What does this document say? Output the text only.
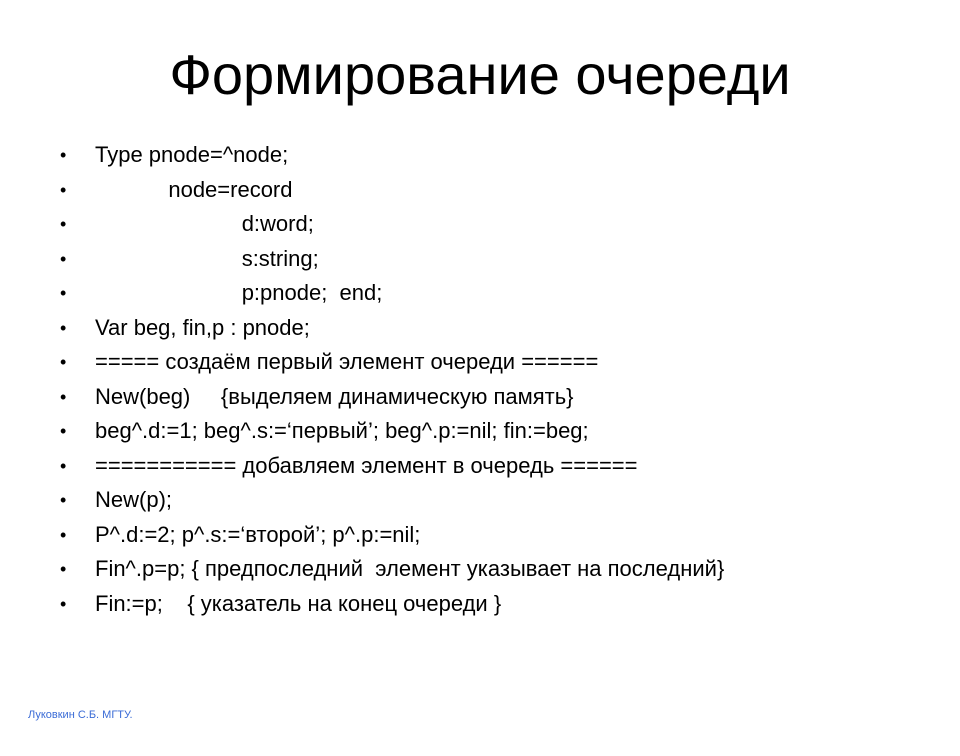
Формирование очереди

•

Type pnode=^node;

•

node=record

•

d:word;

•

s:string;

•

p:pnode;  end;

•

Var beg, fin,p : pnode;

•

===== создаём первый элемент очереди ======

•

New(beg)     {выделяем динамическую память}

•

beg^.d:=1; beg^.s:=‘первый’; beg^.p:=nil; fin:=beg;

•

=========== добавляем элемент в очередь ======

•

New(p);

•

P^.d:=2; p^.s:=‘второй’; p^.p:=nil;

•

Fin^.p=p; { предпоследний  элемент указывает на последний}

•

Fin:=p;    { указатель на конец очереди }

Луковкин С.Б. МГТУ.
